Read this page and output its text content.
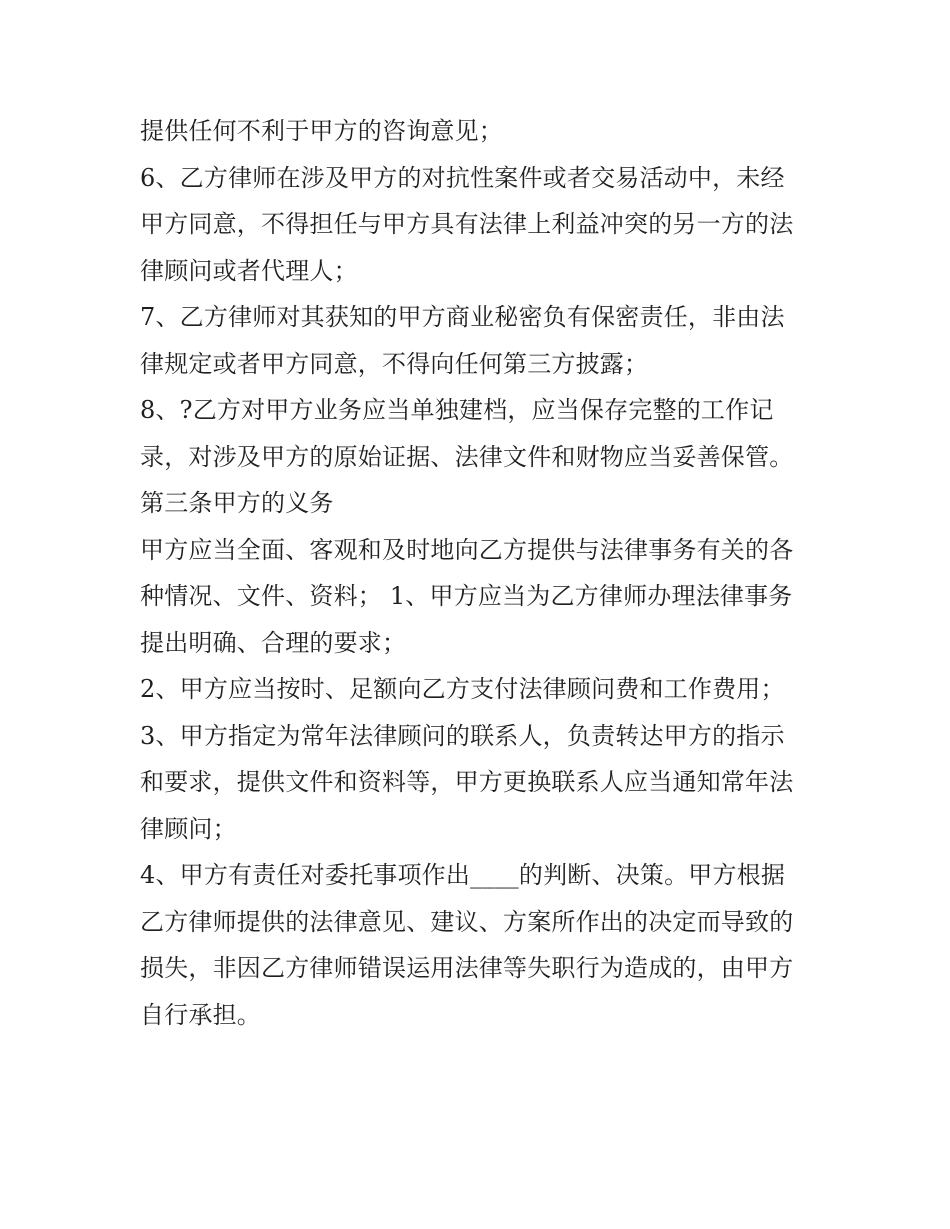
提供任何不利于甲方的咨询意见；
6、乙方律师在涉及甲方的对抗性案件或者交易活动中，未经
甲方同意，不得担任与甲方具有法律上利益冲突的另一方的法
律顾问或者代理人；
7、乙方律师对其获知的甲方商业秘密负有保密责任，非由法
律规定或者甲方同意，不得向任何第三方披露；
8、?乙方对甲方业务应当单独建档，应当保存完整的工作记
录，对涉及甲方的原始证据、法律文件和财物应当妥善保管。
第三条甲方的义务
甲方应当全面、客观和及时地向乙方提供与法律事务有关的各
种情况、文件、资料； 1、甲方应当为乙方律师办理法律事务
提出明确、合理的要求；
2、甲方应当按时、足额向乙方支付法律顾问费和工作费用；
3、甲方指定为常年法律顾问的联系人，负责转达甲方的指示
和要求，提供文件和资料等，甲方更换联系人应当通知常年法
律顾问；
4、甲方有责任对委托事项作出____的判断、决策。甲方根据
乙方律师提供的法律意见、建议、方案所作出的决定而导致的
损失，非因乙方律师错误运用法律等失职行为造成的，由甲方
自行承担。
